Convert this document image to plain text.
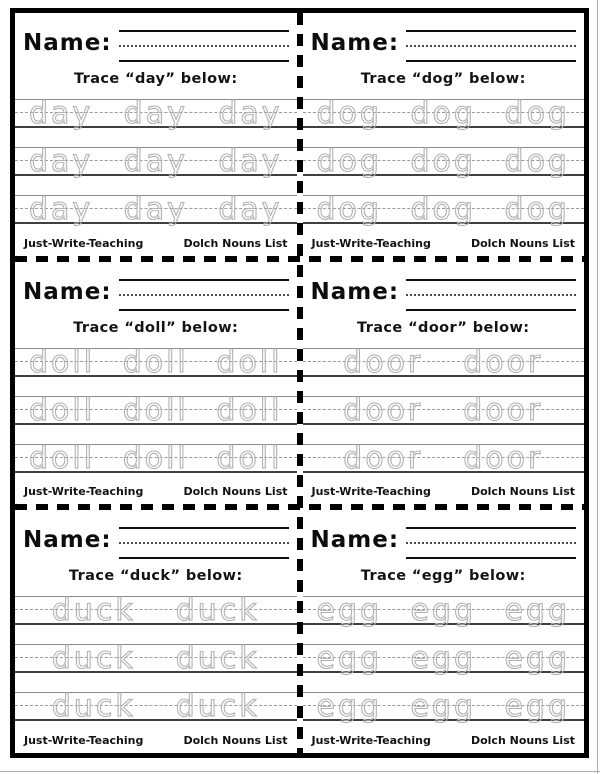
Name:
Trace “day” below:
day day day
day day day
day day day
Just-Write-Teaching	Dolch Nouns List
Name:
Trace “dog” below:
dog dog dog
dog dog dog
dog dog dog
Just-Write-Teaching	Dolch Nouns List
Name:
Trace “doll” below:
doll doll doll
doll doll doll
doll doll doll
Just-Write-Teaching	Dolch Nouns List
Name:
Trace “door” below:
door door
door door
door door
Just-Write-Teaching	Dolch Nouns List
Name:
Trace “duck” below:
duck duck
duck duck
duck duck
Just-Write-Teaching	Dolch Nouns List
Name:
Trace “egg” below:
egg egg egg
egg egg egg
egg egg egg
Just-Write-Teaching	Dolch Nouns List
